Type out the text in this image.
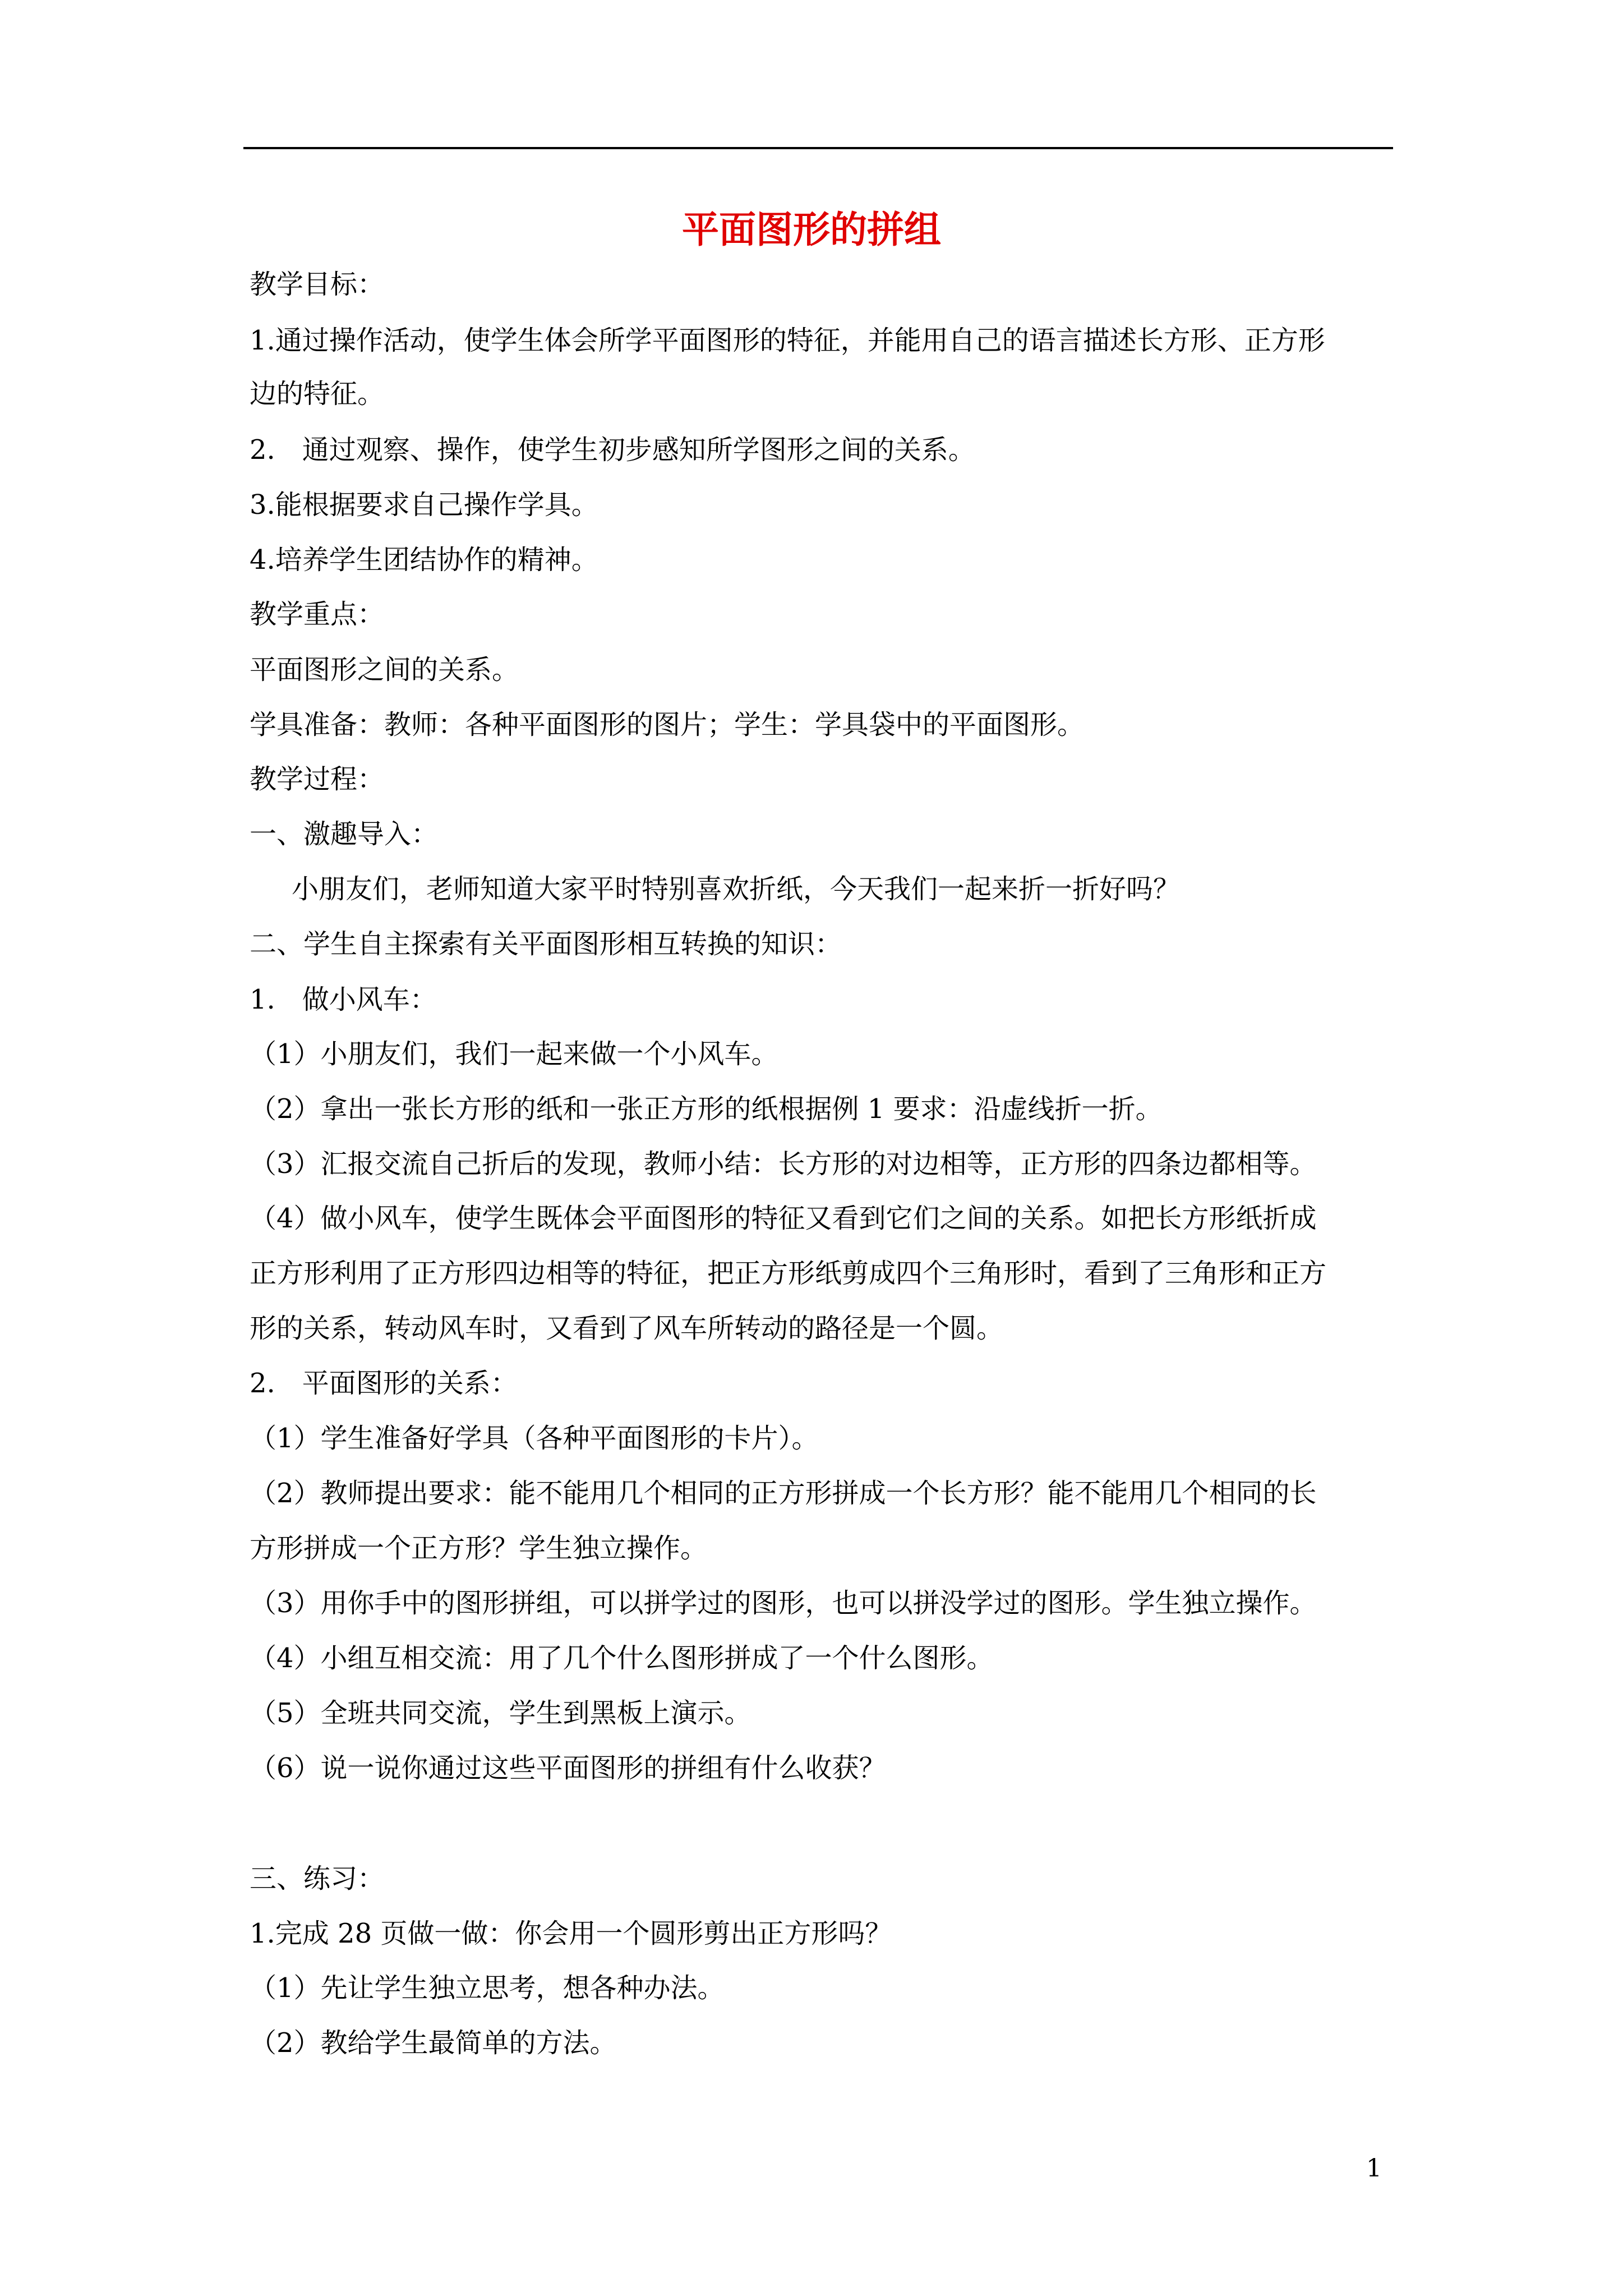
平面图形的拼组
教学目标：
1.通过操作活动，使学生体会所学平面图形的特征，并能用自己的语言描述长方形、正方形
边的特征。
2.　通过观察、操作，使学生初步感知所学图形之间的关系。
3.能根据要求自己操作学具。
4.培养学生团结协作的精神。
教学重点：
平面图形之间的关系。
学具准备：教师：各种平面图形的图片；学生：学具袋中的平面图形。
教学过程：
一、激趣导入：
小朋友们，老师知道大家平时特别喜欢折纸，今天我们一起来折一折好吗？
二、学生自主探索有关平面图形相互转换的知识：
1.　做小风车：
（1）小朋友们，我们一起来做一个小风车。
（2）拿出一张长方形的纸和一张正方形的纸根据例 1 要求：沿虚线折一折。
（3）汇报交流自己折后的发现，教师小结：长方形的对边相等，正方形的四条边都相等。
（4）做小风车，使学生既体会平面图形的特征又看到它们之间的关系。如把长方形纸折成
正方形利用了正方形四边相等的特征，把正方形纸剪成四个三角形时，看到了三角形和正方
形的关系，转动风车时，又看到了风车所转动的路径是一个圆。
2.　平面图形的关系：
（1）学生准备好学具（各种平面图形的卡片）。
（2）教师提出要求：能不能用几个相同的正方形拼成一个长方形？能不能用几个相同的长
方形拼成一个正方形？学生独立操作。
（3）用你手中的图形拼组，可以拼学过的图形，也可以拼没学过的图形。学生独立操作。
（4）小组互相交流：用了几个什么图形拼成了一个什么图形。
（5）全班共同交流，学生到黑板上演示。
（6）说一说你通过这些平面图形的拼组有什么收获？
三、练习：
1.完成 28 页做一做：你会用一个圆形剪出正方形吗？
（1）先让学生独立思考，想各种办法。
（2）教给学生最简单的方法。
1
